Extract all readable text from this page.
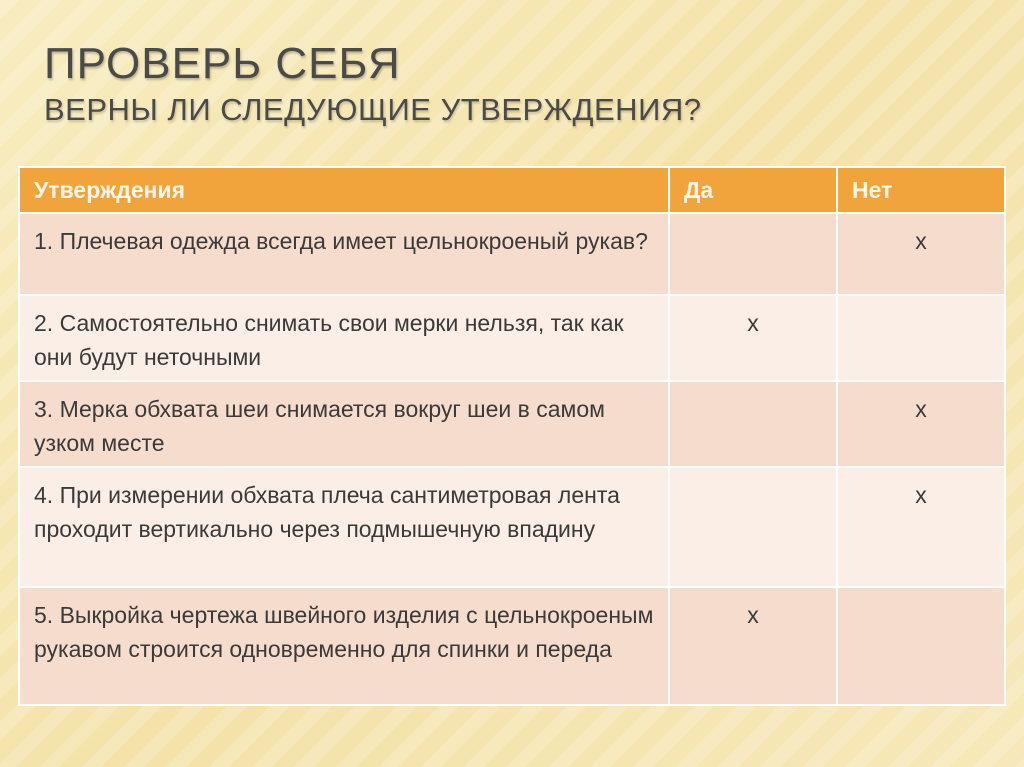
ПРОВЕРЬ СЕБЯ
ВЕРНЫ ЛИ СЛЕДУЮЩИЕ УТВЕРЖДЕНИЯ?
Утверждения	Да	Нет
1. Плечевая одежда всегда имеет цельнокроеный рукав?		х
2. Самостоятельно снимать свои мерки нельзя, так как они будут неточными	х	
3. Мерка обхвата шеи снимается вокруг шеи в самом узком месте		х
4. При измерении обхвата плеча сантиметровая лента проходит вертикально через подмышечную впадину		х
5. Выкройка чертежа швейного изделия с цельнокроеным рукавом строится одновременно для спинки и переда	х	
